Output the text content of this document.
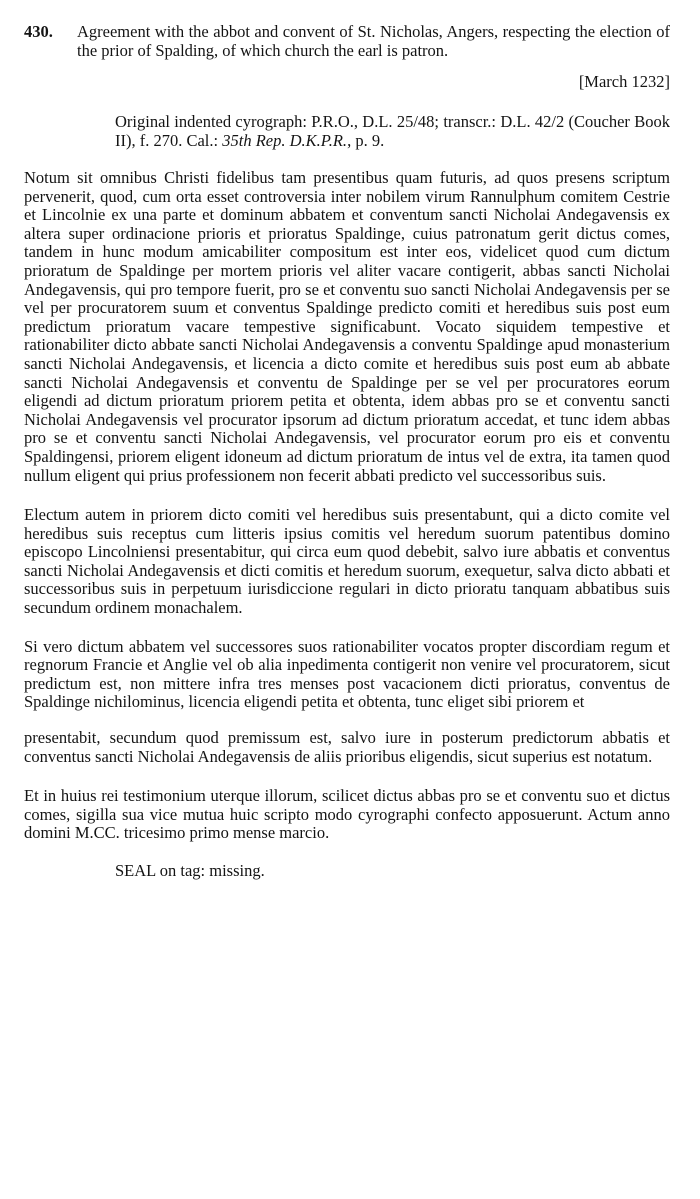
430.	Agreement with the abbot and convent of St. Nicholas, Angers, respecting the election of the prior of Spalding, of which church the earl is patron.
[March 1232]
Original indented cyrograph: P.R.O., D.L. 25/48; transcr.: D.L. 42/2 (Coucher Book II), f. 270. Cal.: 35th Rep. D.K.P.R., p. 9.

Notum sit omnibus Christi fidelibus tam presentibus quam futuris, ad quos presens scriptum pervenerit, quod, cum orta esset controversia inter nobilem virum Rannulphum comitem Cestrie et Lincolnie ex una parte et dominum abbatem et conventum sancti Nicholai Andegavensis ex altera super ordinacione prioris et prioratus Spaldinge, cuius patronatum gerit dictus comes, tandem in hunc modum amicabiliter compositum est inter eos, videlicet quod cum dictum prioratum de Spaldinge per mortem prioris vel aliter vacare contigerit, abbas sancti Nicholai Andegavensis, qui pro tempore fuerit, pro se et conventu suo sancti Nicholai Andegavensis per se vel per procuratorem suum et conventus Spaldinge predicto comiti et heredibus suis post eum predictum prioratum vacare tempestive significabunt. Vocato siquidem tempestive et rationabiliter dicto abbate sancti Nicholai Andegavensis a conventu Spaldinge apud monasterium sancti Nicholai Andegavensis, et licencia a dicto comite et heredibus suis post eum ab abbate sancti Nicholai Andegavensis et conventu de Spaldinge per se vel per procuratores eorum eligendi ad dictum prioratum priorem petita et obtenta, idem abbas pro se et conventu sancti Nicholai Andegavensis vel procurator ipsorum ad dictum prioratum accedat, et tunc idem abbas pro se et conventu sancti Nicholai Andegavensis, vel procurator eorum pro eis et conventu Spaldingensi, priorem eligent idoneum ad dictum prioratum de intus vel de extra, ita tamen quod nullum eligent qui prius professionem non fecerit abbati predicto vel successoribus suis.

Electum autem in priorem dicto comiti vel heredibus suis presentabunt, qui a dicto comite vel heredibus suis receptus cum litteris ipsius comitis vel heredum suorum patentibus domino episcopo Lincolniensi presentabitur, qui circa eum quod debebit, salvo iure abbatis et conventus sancti Nicholai Andegavensis et dicti comitis et heredum suorum, exequetur, salva dicto abbati et successoribus suis in perpetuum iurisdiccione regulari in dicto prioratu tanquam abbatibus suis secundum ordinem monachalem.

Si vero dictum abbatem vel successores suos rationabiliter vocatos propter discordiam regum et regnorum Francie et Anglie vel ob alia inpedimenta contigerit non venire vel procuratorem, sicut predictum est, non mittere infra tres menses post vacacionem dicti prioratus, conventus de Spaldinge nichilominus, licencia eligendi petita et obtenta, tunc eliget sibi priorem et

presentabit, secundum quod premissum est, salvo iure in posterum predictorum abbatis et conventus sancti Nicholai Andegavensis de aliis prioribus eligendis, sicut superius est notatum.

Et in huius rei testimonium uterque illorum, scilicet dictus abbas pro se et conventu suo et dictus comes, sigilla sua vice mutua huic scripto modo cyrographi confecto apposuerunt. Actum anno domini M.CC. tricesimo primo mense marcio.

SEAL on tag: missing.
